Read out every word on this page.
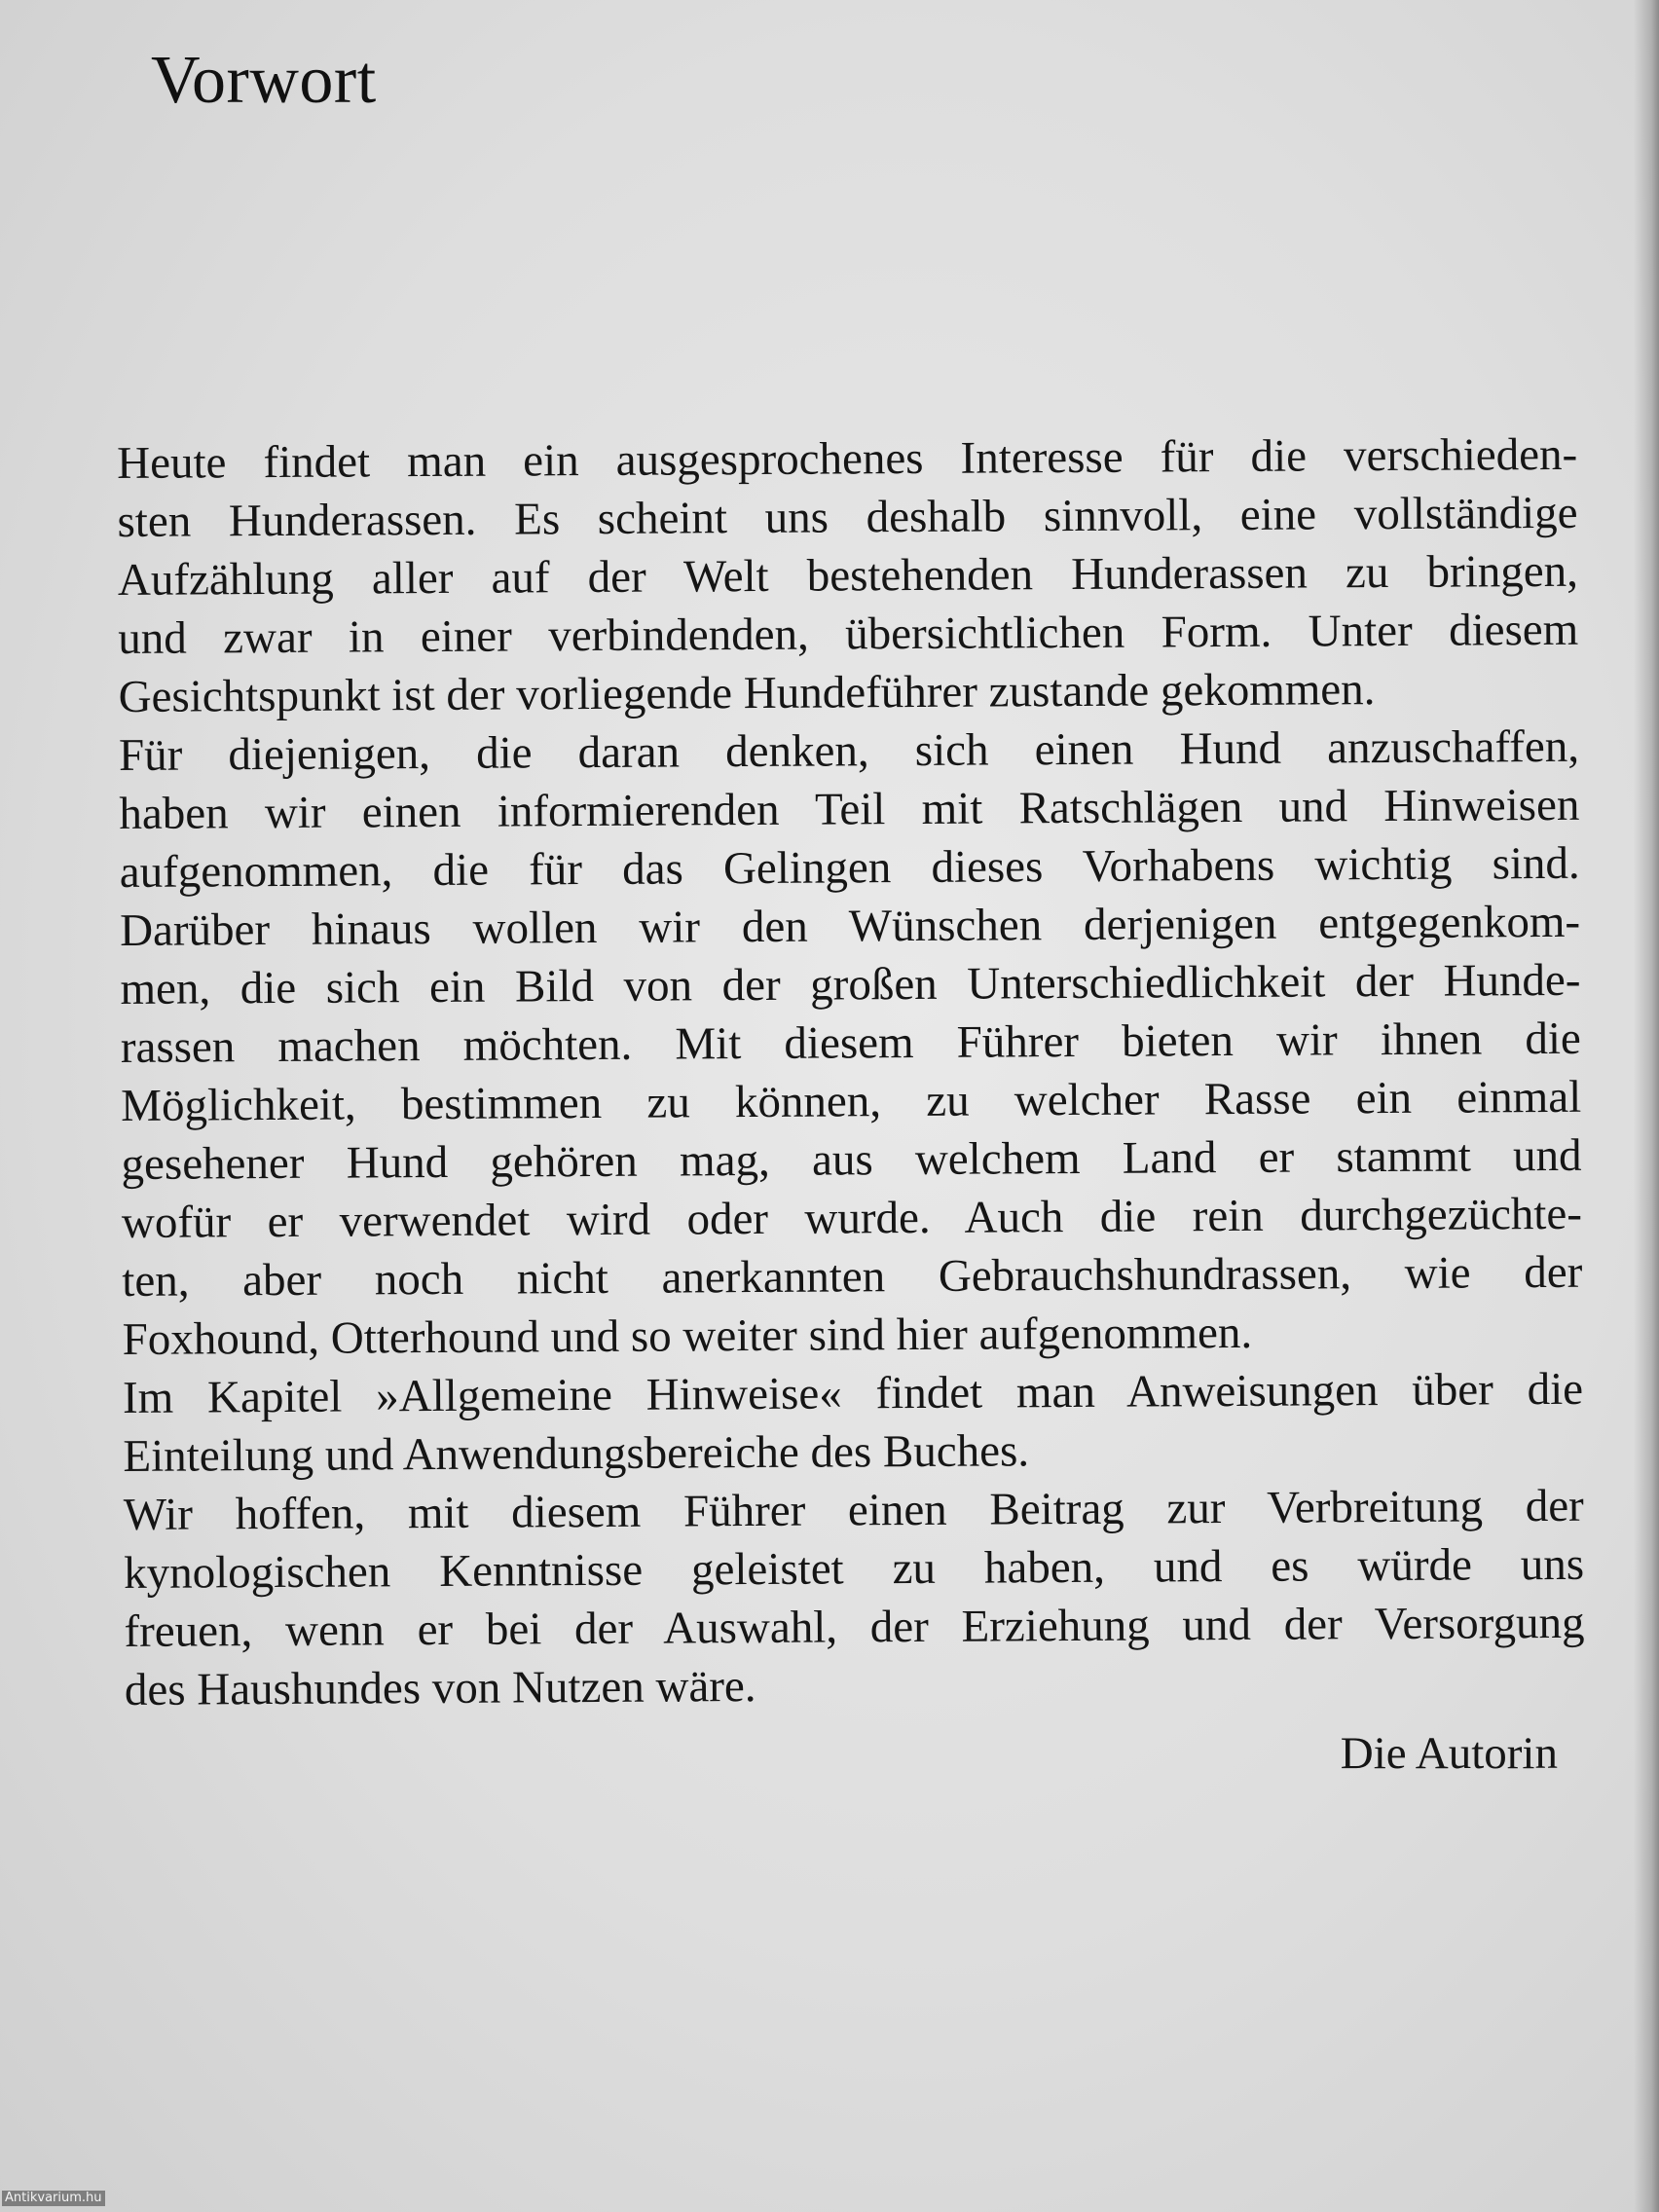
Vorwort
Heute findet man ein ausgesprochenes Interesse für die verschieden-
sten Hunderassen. Es scheint uns deshalb sinnvoll, eine vollständige
Aufzählung aller auf der Welt bestehenden Hunderassen zu bringen,
und zwar in einer verbindenden, übersichtlichen Form. Unter diesem
Gesichtspunkt ist der vorliegende Hundeführer zustande gekommen.
Für diejenigen, die daran denken, sich einen Hund anzuschaffen,
haben wir einen informierenden Teil mit Ratschlägen und Hinweisen
aufgenommen, die für das Gelingen dieses Vorhabens wichtig sind.
Darüber hinaus wollen wir den Wünschen derjenigen entgegenkom-
men, die sich ein Bild von der großen Unterschiedlichkeit der Hunde-
rassen machen möchten. Mit diesem Führer bieten wir ihnen die
Möglichkeit, bestimmen zu können, zu welcher Rasse ein einmal
gesehener Hund gehören mag, aus welchem Land er stammt und
wofür er verwendet wird oder wurde. Auch die rein durchgezüchte-
ten, aber noch nicht anerkannten Gebrauchshundrassen, wie der
Foxhound, Otterhound und so weiter sind hier aufgenommen.
Im Kapitel »Allgemeine Hinweise« findet man Anweisungen über die
Einteilung und Anwendungsbereiche des Buches.
Wir hoffen, mit diesem Führer einen Beitrag zur Verbreitung der
kynologischen Kenntnisse geleistet zu haben, und es würde uns
freuen, wenn er bei der Auswahl, der Erziehung und der Versorgung
des Haushundes von Nutzen wäre.
Die Autorin
Antikvarium.hu
